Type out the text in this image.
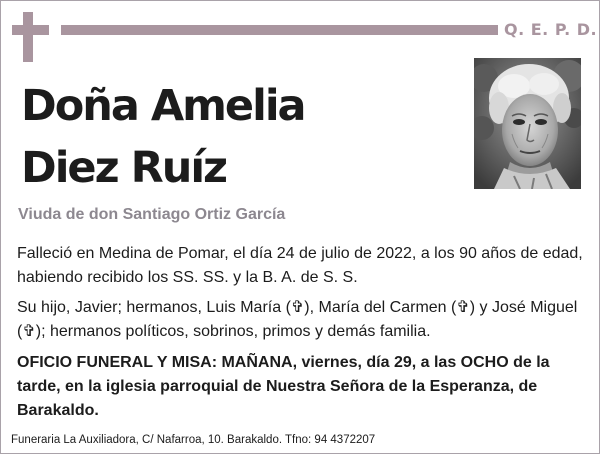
Q. E. P. D.
Doña Amelia
Diez Ruíz
Viuda de don Santiago Ortiz García
Falleció en Medina de Pomar, el día 24 de julio de 2022, a los 90 años de edad, habiendo recibido los SS. SS. y la B. A. de S. S.
Su hijo, Javier; hermanos, Luis María (✞), María del Carmen (✞) y José Miguel (✞); hermanos políticos, sobrinos, primos y demás familia.
OFICIO FUNERAL Y MISA: MAÑANA, viernes, día 29, a las OCHO de la tarde, en la iglesia parroquial de Nuestra Señora de la Esperanza, de Barakaldo.
Funeraria La Auxiliadora, C/ Nafarroa, 10. Barakaldo. Tfno: 94 4372207
